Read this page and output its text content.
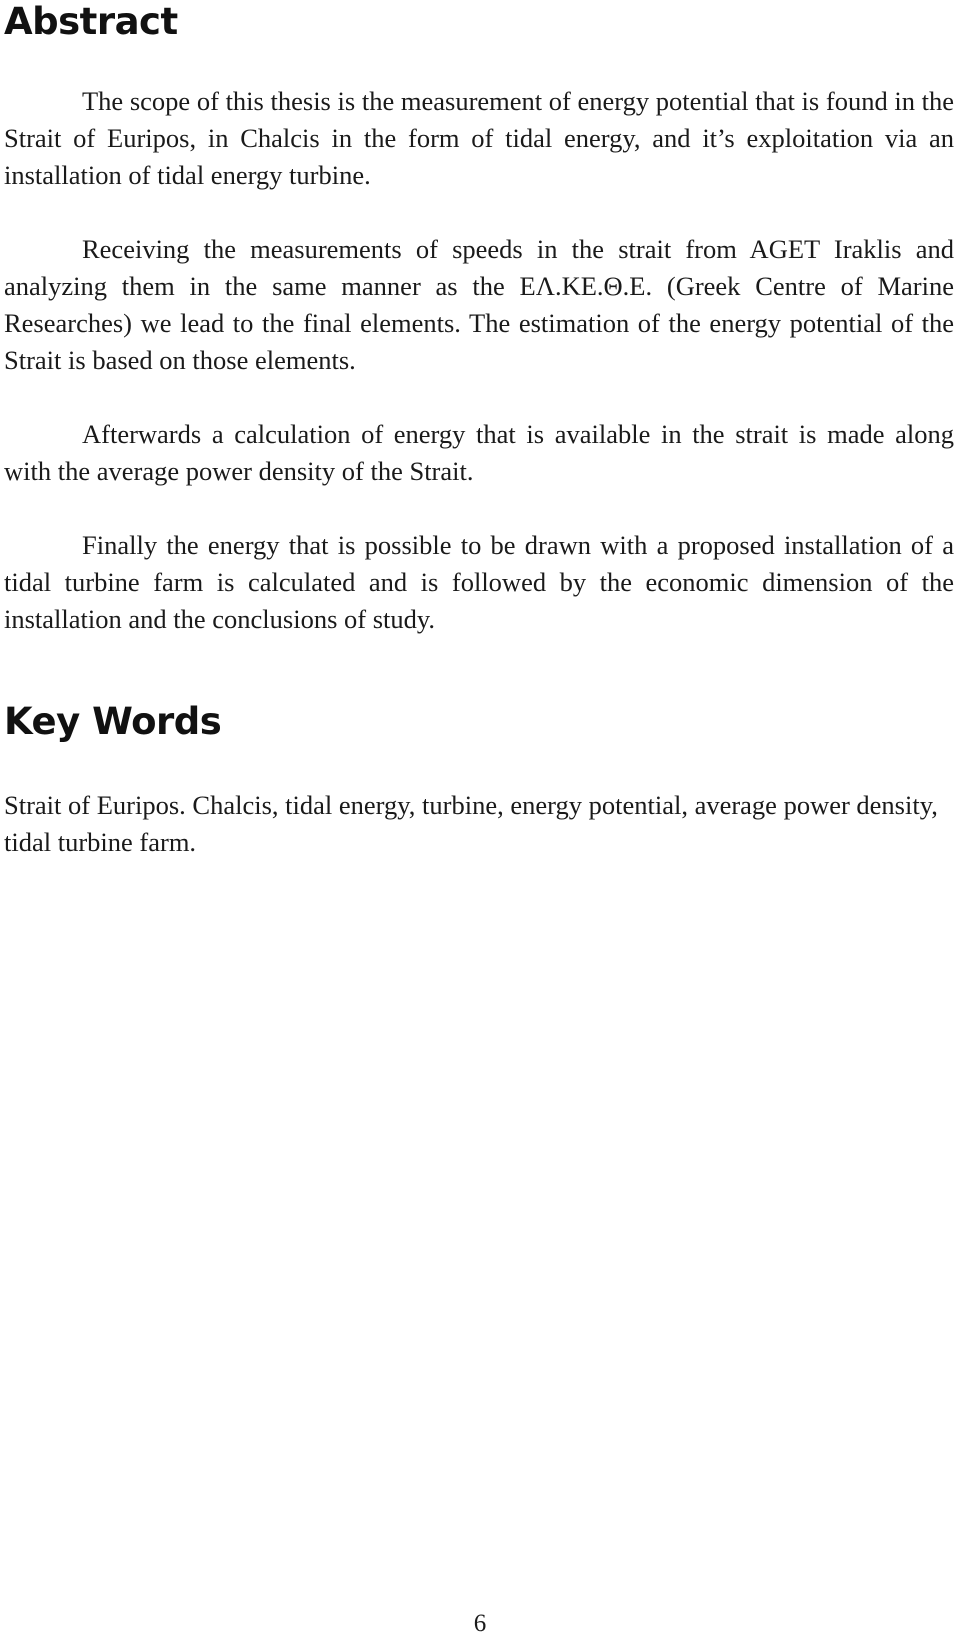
Abstract

The scope of this thesis is the measurement of energy potential that is found in the Strait of Euripos, in Chalcis in the form of tidal energy, and it’s exploitation via an installation of tidal energy turbine.

Receiving the measurements of speeds in the strait from AGET Iraklis and analyzing them in the same manner as the ΕΛ.ΚΕ.Θ.Ε. (Greek Centre of Marine Researches) we lead to the final elements. The estimation of the energy potential of the Strait is based on those elements.

Afterwards a calculation of energy that is available in the strait is made along with the average power density of the Strait.

Finally the energy that is possible to be drawn with a proposed installation of a tidal turbine farm is calculated and is followed by the economic dimension of the installation and the conclusions of study.

Key Words

Strait of Euripos. Chalcis, tidal energy, turbine, energy potential, average power density, tidal turbine farm.

6
